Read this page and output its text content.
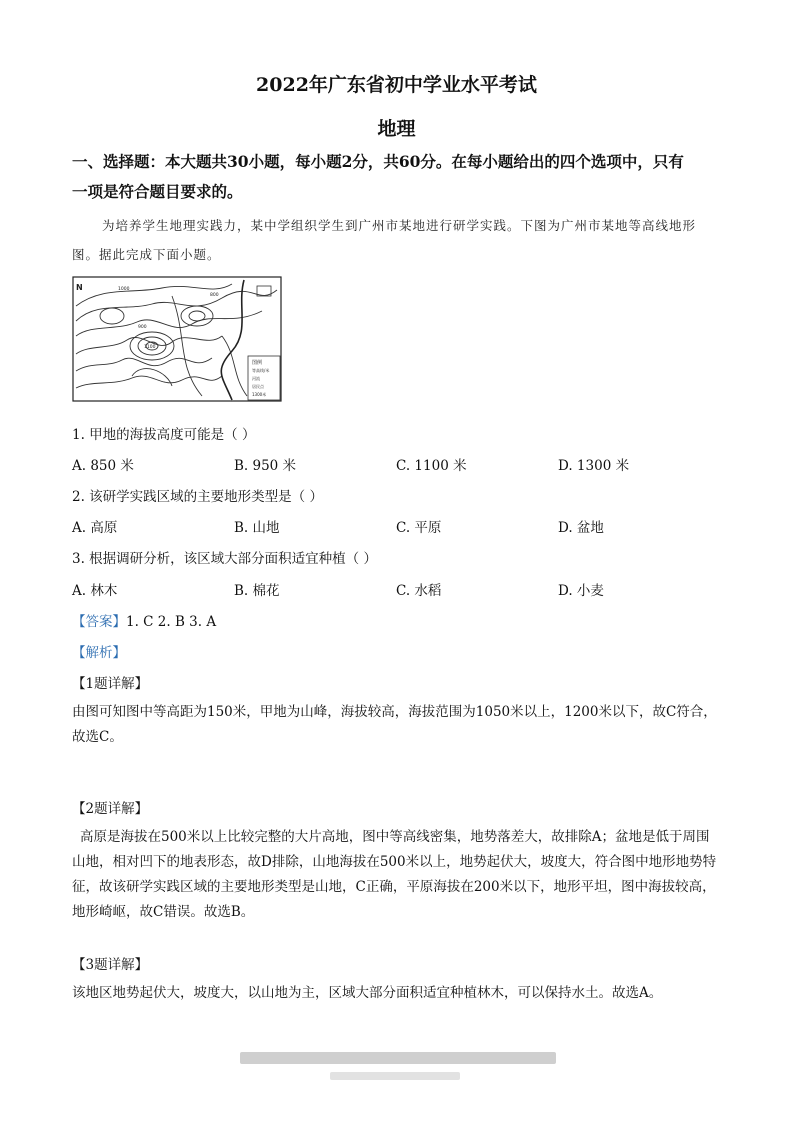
2022年广东省初中学业水平考试
地理
一、选择题：本大题共30小题，每小题2分，共60分。在每小题给出的四个选项中，只有
一项是符合题目要求的。
为培养学生地理实践力，某中学组织学生到广州市某地进行研学实践。下图为广州市某地等高线地形
图。据此完成下面小题。
图例
等高线/米
河流
居民点
1300米
N	1000
900
1100
800
1. 甲地的海拔高度可能是（ ）
A. 850 米	B. 950 米	C. 1100 米	D. 1300 米
2. 该研学实践区域的主要地形类型是（ ）
A. 高原	B. 山地	C. 平原	D. 盆地
3. 根据调研分析，该区域大部分面积适宜种植（ ）
A. 林木	B. 棉花	C. 水稻	D. 小麦
【答案】1. C 2. B 3. A
【解析】
【1题详解】
由图可知图中等高距为150米，甲地为山峰，海拔较高，海拔范围为1050米以上，1200米以下，故C符合，故选C。
【2题详解】
高原是海拔在500米以上比较完整的大片高地，图中等高线密集，地势落差大，故排除A；盆地是低于周围山地，相对凹下的地表形态，故D排除，山地海拔在500米以上，地势起伏大，坡度大，符合图中地形地势特征，故该研学实践区域的主要地形类型是山地，C正确，平原海拔在200米以下，地形平坦，图中海拔较高，地形崎岖，故C错误。故选B。
【3题详解】
该地区地势起伏大，坡度大，以山地为主，区域大部分面积适宜种植林木，可以保持水土。故选A。
